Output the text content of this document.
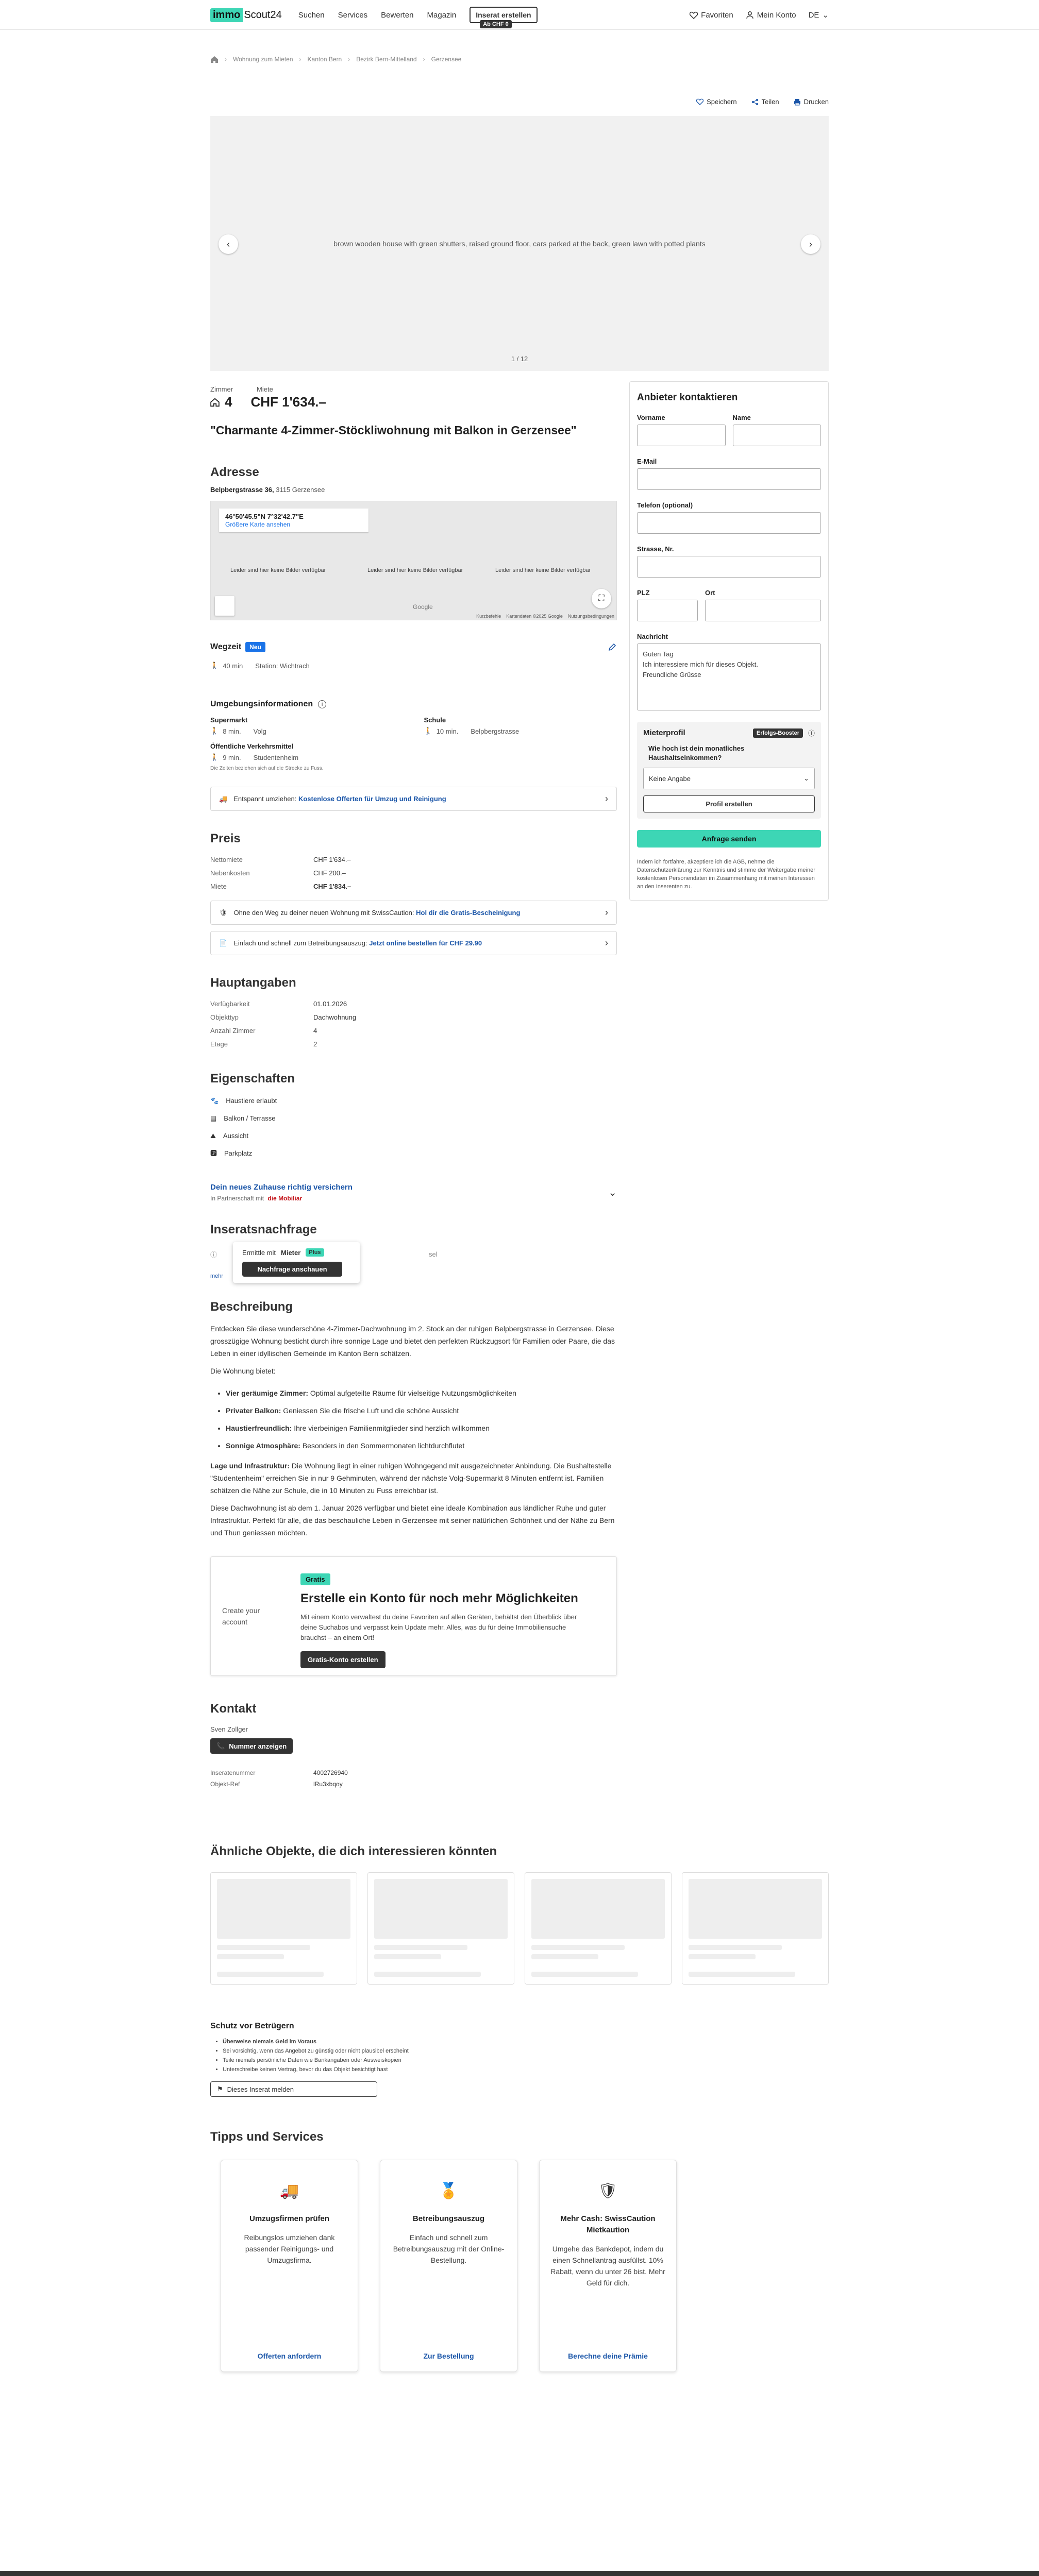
immo Scout24 Suchen Services Bewerten Magazin	Inserat erstellen
Ab CHF 0
Favoriten	Mein Konto DE ⌄
› Wohnung zum Mieten › Kanton Bern › Bezirk Bern-Mittelland › Gerzensee
Speichern	Teilen	Drucken
brown wooden house with green shutters, raised ground floor, cars parked at the back, green lawn with potted plants
‹	›
1 / 12
Zimmer	Miete
4 CHF 1'634.–
"Charmante 4-Zimmer-Stöckliwohnung mit Balkon in Gerzensee"
Adresse
Belpbergstrasse 36, 3115 Gerzensee
46°50'45.5"N 7°32'42.7"E
Größere Karte ansehen
Leider sind hier keine Bilder verfügbar	Leider sind hier keine Bilder verfügbar	Leider sind hier keine Bilder verfügbar
⛶
Google
Kurzbefehle Kartendaten ©2025 Google Nutzungsbedingungen
Wegzeit	Neu
🚶 40 min Station: Wichtrach
Umgebungsinformationen	i
Supermarkt
🚶 8 min. Volg
Schule
🚶 10 min. Belpbergstrasse
Öffentliche Verkehrsmittel
🚶 9 min. Studentenheim
Die Zeiten beziehen sich auf die Strecke zu Fuss.
🚚 Entspannt umziehen: Kostenlose Offerten für Umzug und Reinigung	›
Preis
Nettomiete	CHF 1'634.–
Nebenkosten	CHF 200.–
Miete	CHF 1'834.–
🛡 Ohne den Weg zu deiner neuen Wohnung mit SwissCaution: Hol dir die Gratis-Bescheinigung	›
📄 Einfach und schnell zum Betreibungsauszug: Jetzt online bestellen für CHF 29.90	›
Hauptangaben
Verfügbarkeit	01.01.2026
Objekttyp	Dachwohnung
Anzahl Zimmer	4
Etage	2
Eigenschaften
🐾 Haustiere erlaubt
▤ Balkon / Terrasse
⛰ Aussicht
🅿 Parkplatz
Dein neues Zuhause richtig versichern
In Partnerschaft mit die Mobiliar	⌄
Inseratsnachfrage
ⓘ	sel
mehr
Ermittle mit Mieter	Plus
Nachfrage anschauen
Beschreibung

Entdecken Sie diese wunderschöne 4-Zimmer-Dachwohnung im 2. Stock an der ruhigen Belpbergstrasse in Gerzensee. Diese grosszügige Wohnung besticht durch ihre sonnige Lage und bietet den perfekten Rückzugsort für Familien oder Paare, die das Leben in einer idyllischen Gemeinde im Kanton Bern schätzen.

Die Wohnung bietet:

• Vier geräumige Zimmer: Optimal aufgeteilte Räume für vielseitige Nutzungsmöglichkeiten
• Privater Balkon: Geniessen Sie die frische Luft und die schöne Aussicht
• Haustierfreundlich: Ihre vierbeinigen Familienmitglieder sind herzlich willkommen
• Sonnige Atmosphäre: Besonders in den Sommermonaten lichtdurchflutet

Lage und Infrastruktur: Die Wohnung liegt in einer ruhigen Wohngegend mit ausgezeichneter Anbindung. Die Bushaltestelle "Studentenheim" erreichen Sie in nur 9 Gehminuten, während der nächste Volg-Supermarkt 8 Minuten entfernt ist. Familien schätzen die Nähe zur Schule, die in 10 Minuten zu Fuss erreichbar ist.

Diese Dachwohnung ist ab dem 1. Januar 2026 verfügbar und bietet eine ideale Kombination aus ländlicher Ruhe und guter Infrastruktur. Perfekt für alle, die das beschauliche Leben in Gerzensee mit seiner natürlichen Schönheit und der Nähe zu Bern und Thun geniessen möchten.

Create your account
Gratis
Erstelle ein Konto für noch mehr Möglichkeiten
Mit einem Konto verwaltest du deine Favoriten auf allen Geräten, behältst den Überblick über deine Suchabos und verpasst kein Update mehr. Alles, was du für deine Immobiliensuche brauchst – an einem Ort!
Gratis-Konto erstellen
Kontakt
Sven Zollger
📞 Nummer anzeigen
Inseratenummer	4002726940
Objekt-Ref	lRu3xbqoy
Anbieter kontaktieren
Vorname	Name
E-Mail
Telefon (optional)
Strasse, Nr.
PLZ	Ort
Nachricht
Guten Tag
Ich interessiere mich für dieses Objekt.
Freundliche Grüsse
Mieterprofil	Erfolgs-Booster	ⓘ
Wie hoch ist dein monatliches Haushaltseinkommen?
Keine Angabe	⌄
Profil erstellen
Anfrage senden
Indem ich fortfahre, akzeptiere ich die AGB, nehme die Datenschutzerklärung zur Kenntnis und stimme der Weitergabe meiner kostenlosen Personendaten im Zusammenhang mit meinen Interessen an den Inserenten zu.
Ähnliche Objekte, die dich interessieren könnten
Schutz vor Betrügern
• Überweise niemals Geld im Voraus
• Sei vorsichtig, wenn das Angebot zu günstig oder nicht plausibel erscheint
• Teile niemals persönliche Daten wie Bankangaben oder Ausweiskopien
• Unterschreibe keinen Vertrag, bevor du das Objekt besichtigt hast
⚑ Dieses Inserat melden
Tipps und Services
🚚
Umzugsfirmen prüfen

Reibungslos umziehen dank passender Reinigungs- und Umzugsfirma.

Offerten anfordern
🏅
Betreibungsauszug

Einfach und schnell zum Betreibungsauszug mit der Online-Bestellung.

Zur Bestellung
🛡
Mehr Cash: SwissCaution Mietkaution

Umgehe das Bankdepot, indem du einen Schnellantrag ausfüllst. 10% Rabatt, wenn du unter 26 bist. Mehr Geld für dich.

Berechne deine Prämie
